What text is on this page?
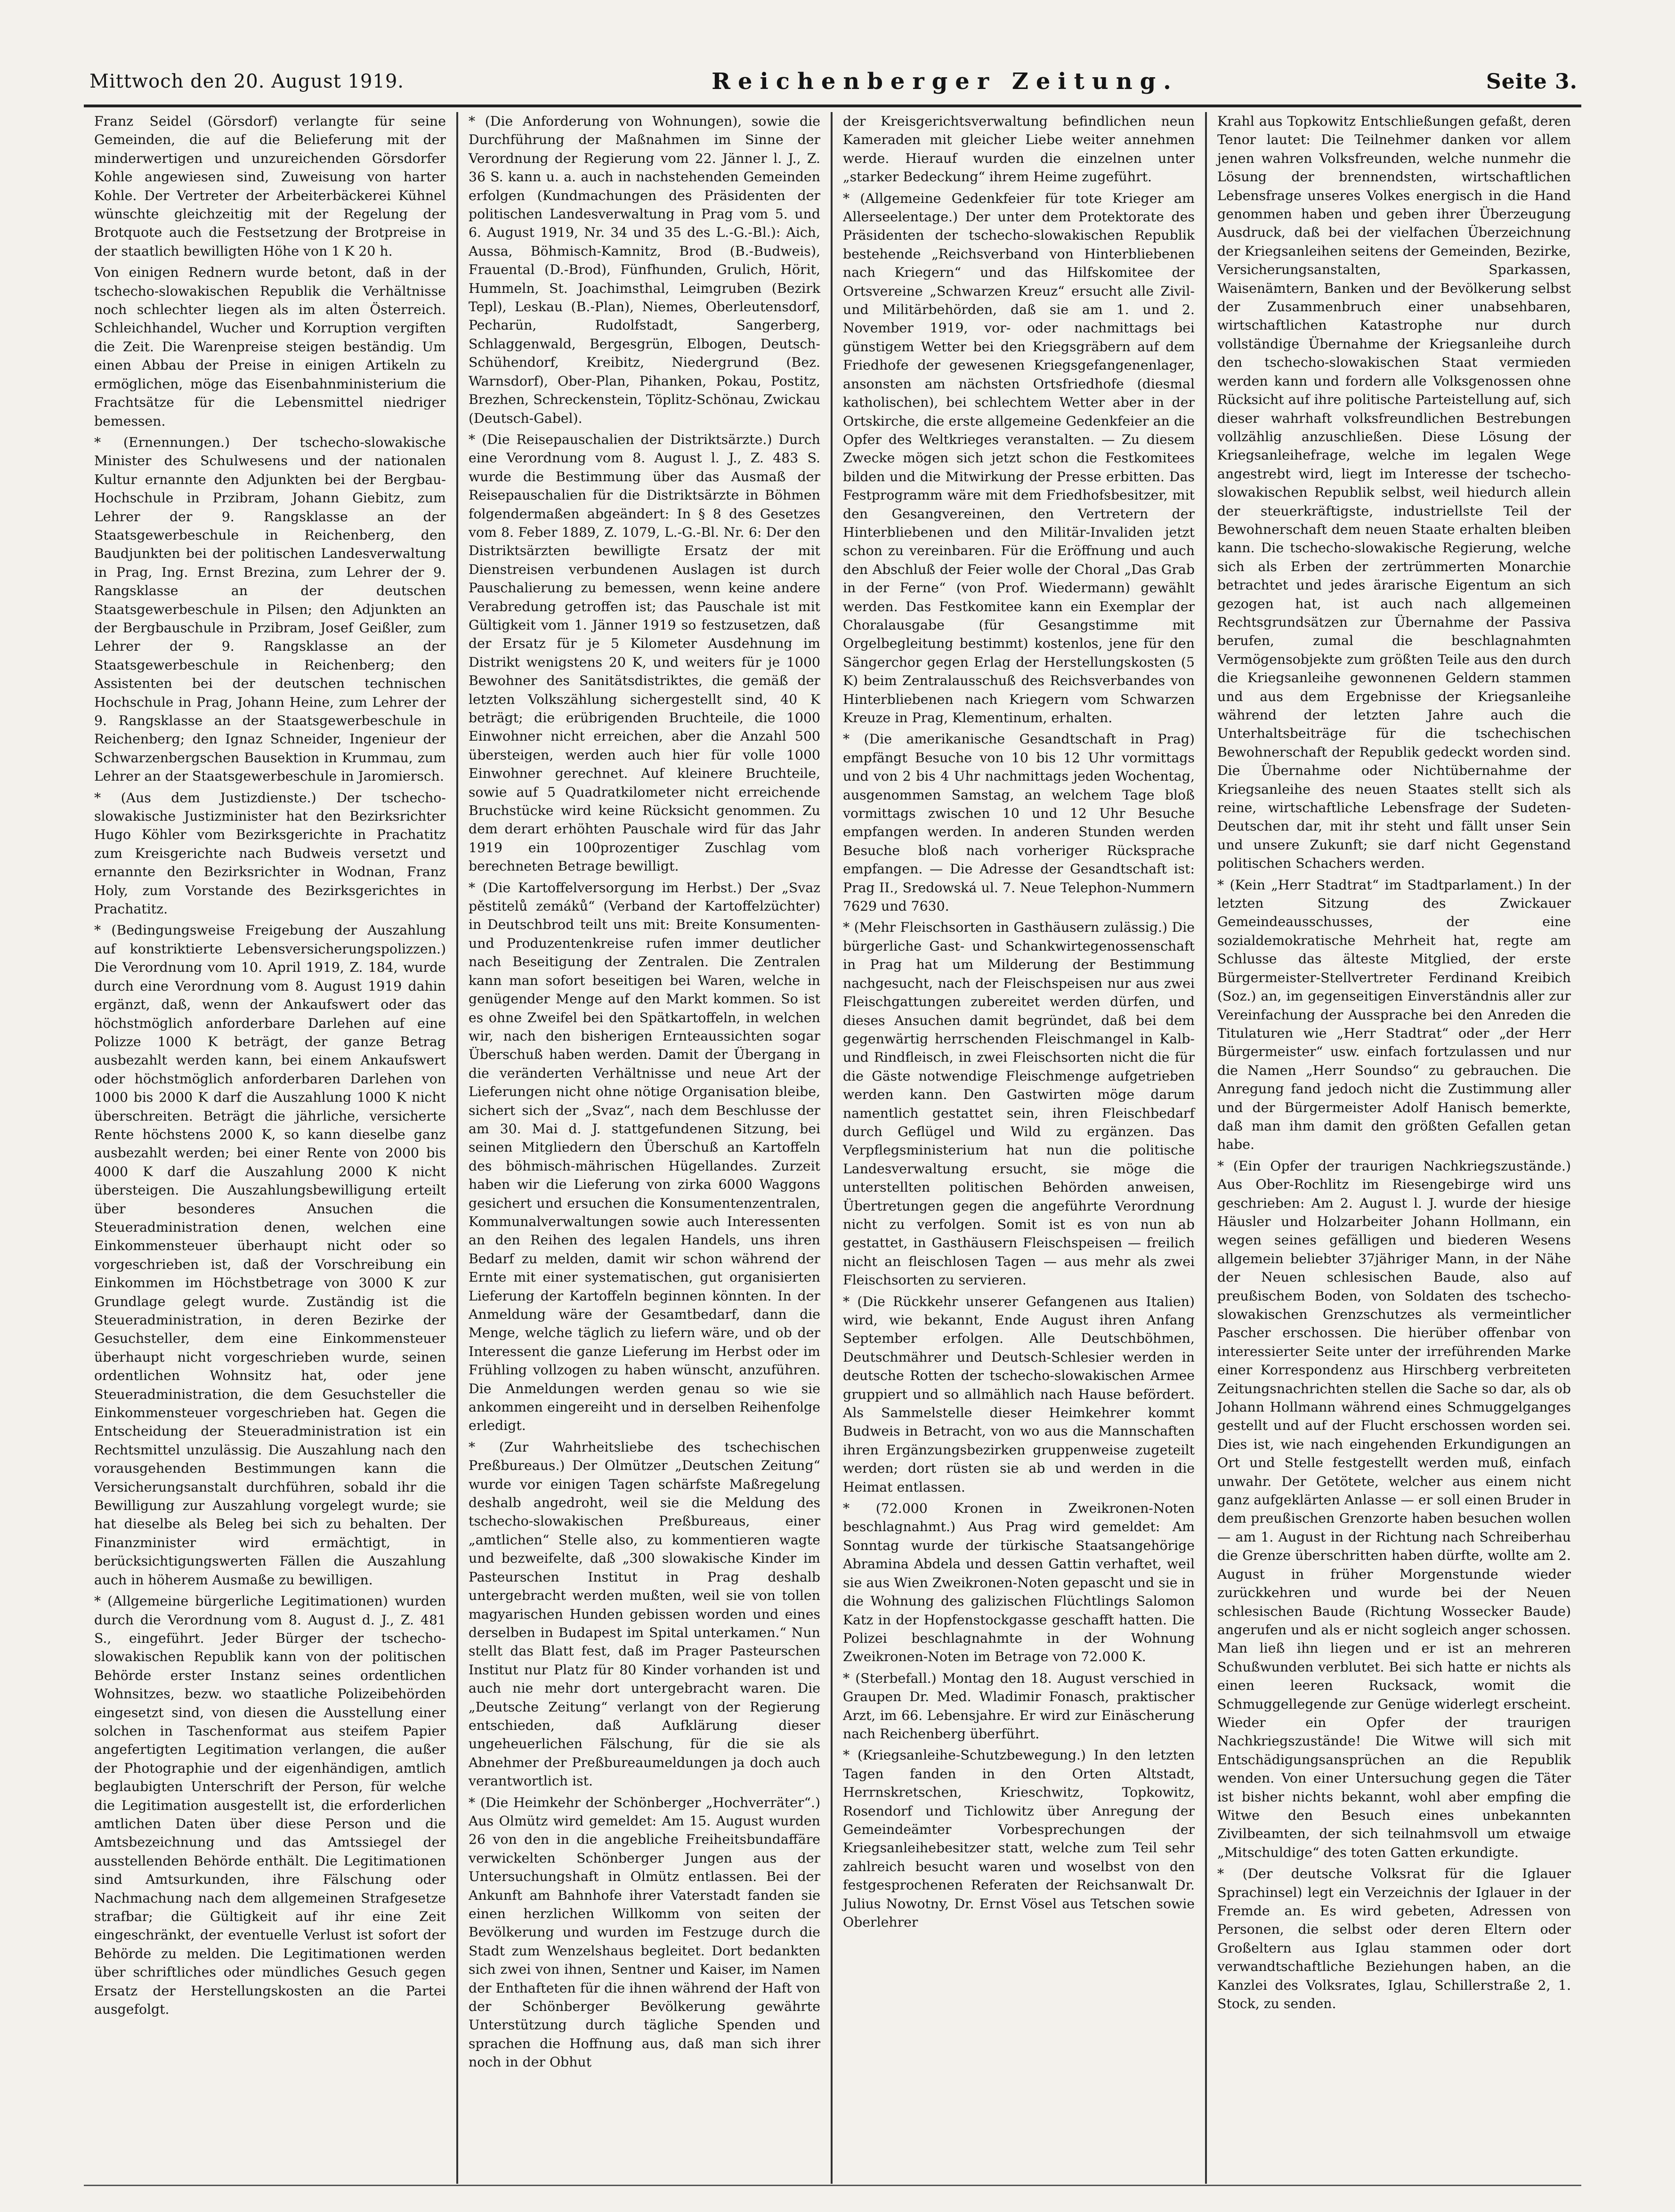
Mittwoch den 20. August 1919.	Reichenberger Zeitung.	Seite 3.

Franz Seidel (Görsdorf) verlangte für seine Gemeinden, die auf die Belieferung mit der minderwertigen und unzureichenden Görsdorfer Kohle angewiesen sind, Zuweisung von harter Kohle. Der Vertreter der Arbeiterbäckerei Kühnel wünschte gleichzeitig mit der Regelung der Brotquote auch die Festsetzung der Brotpreise in der staatlich bewilligten Höhe von 1 K 20 h.

Von einigen Rednern wurde betont, daß in der tschecho-slowakischen Republik die Verhältnisse noch schlechter liegen als im alten Österreich. Schleichhandel, Wucher und Korruption vergiften die Zeit. Die Warenpreise steigen beständig. Um einen Abbau der Preise in einigen Artikeln zu ermöglichen, möge das Eisenbahnministerium die Frachtsätze für die Lebensmittel niedriger bemessen.

* (Ernennungen.) Der tschecho-slowakische Minister des Schulwesens und der nationalen Kultur ernannte den Adjunkten bei der Bergbau-Hochschule in Przibram, Johann Giebitz, zum Lehrer der 9. Rangsklasse an der Staatsgewerbeschule in Reichenberg, den Baudjunkten bei der politischen Landesverwaltung in Prag, Ing. Ernst Brezina, zum Lehrer der 9. Rangsklasse an der deutschen Staatsgewerbeschule in Pilsen; den Adjunkten an der Bergbauschule in Przibram, Josef Geißler, zum Lehrer der 9. Rangsklasse an der Staatsgewerbeschule in Reichenberg; den Assistenten bei der deutschen technischen Hochschule in Prag, Johann Heine, zum Lehrer der 9. Rangsklasse an der Staatsgewerbeschule in Reichenberg; den Ignaz Schneider, Ingenieur der Schwarzenbergschen Bausektion in Krummau, zum Lehrer an der Staatsgewerbeschule in Jaromiersch.

* (Aus dem Justizdienste.) Der tschecho-slowakische Justizminister hat den Bezirksrichter Hugo Köhler vom Bezirksgerichte in Prachatitz zum Kreisgerichte nach Budweis versetzt und ernannte den Bezirksrichter in Wodnan, Franz Holy, zum Vorstande des Bezirksgerichtes in Prachatitz.

* (Bedingungsweise Freigebung der Auszahlung auf konstriktierte Lebensversicherungspolizzen.) Die Verordnung vom 10. April 1919, Z. 184, wurde durch eine Verordnung vom 8. August 1919 dahin ergänzt, daß, wenn der Ankaufswert oder das höchstmöglich anforderbare Darlehen auf eine Polizze 1000 K beträgt, der ganze Betrag ausbezahlt werden kann, bei einem Ankaufswert oder höchstmöglich anforderbaren Darlehen von 1000 bis 2000 K darf die Auszahlung 1000 K nicht überschreiten. Beträgt die jährliche, versicherte Rente höchstens 2000 K, so kann dieselbe ganz ausbezahlt werden; bei einer Rente von 2000 bis 4000 K darf die Auszahlung 2000 K nicht übersteigen. Die Auszahlungsbewilligung erteilt über besonderes Ansuchen die Steueradministration denen, welchen eine Einkommensteuer überhaupt nicht oder so vorgeschrieben ist, daß der Vorschreibung ein Einkommen im Höchstbetrage von 3000 K zur Grundlage gelegt wurde. Zuständig ist die Steueradministration, in deren Bezirke der Gesuchsteller, dem eine Einkommensteuer überhaupt nicht vorgeschrieben wurde, seinen ordentlichen Wohnsitz hat, oder jene Steueradministration, die dem Gesuchsteller die Einkommensteuer vorgeschrieben hat. Gegen die Entscheidung der Steueradministration ist ein Rechtsmittel unzulässig. Die Auszahlung nach den vorausgehenden Bestimmungen kann die Versicherungsanstalt durchführen, sobald ihr die Bewilligung zur Auszahlung vorgelegt wurde; sie hat dieselbe als Beleg bei sich zu behalten. Der Finanzminister wird ermächtigt, in berücksichtigungswerten Fällen die Auszahlung auch in höherem Ausmaße zu bewilligen.

* (Allgemeine bürgerliche Legitimationen) wurden durch die Verordnung vom 8. August d. J., Z. 481 S., eingeführt. Jeder Bürger der tschecho-slowakischen Republik kann von der politischen Behörde erster Instanz seines ordentlichen Wohnsitzes, bezw. wo staatliche Polizeibehörden eingesetzt sind, von diesen die Ausstellung einer solchen in Taschenformat aus steifem Papier angefertigten Legitimation verlangen, die außer der Photographie und der eigenhändigen, amtlich beglaubigten Unterschrift der Person, für welche die Legitimation ausgestellt ist, die erforderlichen amtlichen Daten über diese Person und die Amtsbezeichnung und das Amtssiegel der ausstellenden Behörde enthält. Die Legitimationen sind Amtsurkunden, ihre Fälschung oder Nachmachung nach dem allgemeinen Strafgesetze strafbar; die Gültigkeit auf ihr eine Zeit eingeschränkt, der eventuelle Verlust ist sofort der Behörde zu melden. Die Legitimationen werden über schriftliches oder mündliches Gesuch gegen Ersatz der Herstellungskosten an die Partei ausgefolgt.

* (Die Anforderung von Wohnungen), sowie die Durchführung der Maßnahmen im Sinne der Verordnung der Regierung vom 22. Jänner l. J., Z. 36 S. kann u. a. auch in nachstehenden Gemeinden erfolgen (Kundmachungen des Präsidenten der politischen Landesverwaltung in Prag vom 5. und 6. August 1919, Nr. 34 und 35 des L.-G.-Bl.): Aich, Aussa, Böhmisch-Kamnitz, Brod (B.-Budweis), Frauental (D.-Brod), Fünfhunden, Grulich, Hörit, Hummeln, St. Joachimsthal, Leimgruben (Bezirk Tepl), Leskau (B.-Plan), Niemes, Oberleutensdorf, Pecharün, Rudolfstadt, Sangerberg, Schlaggenwald, Bergesgrün, Elbogen, Deutsch-Schühendorf, Kreibitz, Niedergrund (Bez. Warnsdorf), Ober-Plan, Pihanken, Pokau, Postitz, Brezhen, Schreckenstein, Töplitz-Schönau, Zwickau (Deutsch-Gabel).

* (Die Reisepauschalien der Distriktsärzte.) Durch eine Verordnung vom 8. August l. J., Z. 483 S. wurde die Bestimmung über das Ausmaß der Reisepauschalien für die Distriktsärzte in Böhmen folgendermaßen abgeändert: In § 8 des Gesetzes vom 8. Feber 1889, Z. 1079, L.-G.-Bl. Nr. 6: Der den Distriktsärzten bewilligte Ersatz der mit Dienstreisen verbundenen Auslagen ist durch Pauschalierung zu bemessen, wenn keine andere Verabredung getroffen ist; das Pauschale ist mit Gültigkeit vom 1. Jänner 1919 so festzusetzen, daß der Ersatz für je 5 Kilometer Ausdehnung im Distrikt wenigstens 20 K, und weiters für je 1000 Bewohner des Sanitätsdistriktes, die gemäß der letzten Volkszählung sichergestellt sind, 40 K beträgt; die erübrigenden Bruchteile, die 1000 Einwohner nicht erreichen, aber die Anzahl 500 übersteigen, werden auch hier für volle 1000 Einwohner gerechnet. Auf kleinere Bruchteile, sowie auf 5 Quadratkilometer nicht erreichende Bruchstücke wird keine Rücksicht genommen. Zu dem derart erhöhten Pauschale wird für das Jahr 1919 ein 100prozentiger Zuschlag vom berechneten Betrage bewilligt.

* (Die Kartoffelversorgung im Herbst.) Der „Svaz pěstitelů zemáků“ (Verband der Kartoffelzüchter) in Deutschbrod teilt uns mit: Breite Konsumenten- und Produzentenkreise rufen immer deutlicher nach Beseitigung der Zentralen. Die Zentralen kann man sofort beseitigen bei Waren, welche in genügender Menge auf den Markt kommen. So ist es ohne Zweifel bei den Spätkartoffeln, in welchen wir, nach den bisherigen Ernteaussichten sogar Überschuß haben werden. Damit der Übergang in die veränderten Verhältnisse und neue Art der Lieferungen nicht ohne nötige Organisation bleibe, sichert sich der „Svaz“, nach dem Beschlusse der am 30. Mai d. J. stattgefundenen Sitzung, bei seinen Mitgliedern den Überschuß an Kartoffeln des böhmisch-mährischen Hügellandes. Zurzeit haben wir die Lieferung von zirka 6000 Waggons gesichert und ersuchen die Konsumentenzentralen, Kommunalverwaltungen sowie auch Interessenten an den Reihen des legalen Handels, uns ihren Bedarf zu melden, damit wir schon während der Ernte mit einer systematischen, gut organisierten Lieferung der Kartoffeln beginnen könnten. In der Anmeldung wäre der Gesamtbedarf, dann die Menge, welche täglich zu liefern wäre, und ob der Interessent die ganze Lieferung im Herbst oder im Frühling vollzogen zu haben wünscht, anzuführen. Die Anmeldungen werden genau so wie sie ankommen eingereiht und in derselben Reihenfolge erledigt.

* (Zur Wahrheitsliebe des tschechischen Preßbureaus.) Der Olmützer „Deutschen Zeitung“ wurde vor einigen Tagen schärfste Maßregelung deshalb angedroht, weil sie die Meldung des tschecho-slowakischen Preßbureaus, einer „amtlichen“ Stelle also, zu kommentieren wagte und bezweifelte, daß „300 slowakische Kinder im Pasteurschen Institut in Prag deshalb untergebracht werden mußten, weil sie von tollen magyarischen Hunden gebissen worden und eines derselben in Budapest im Spital unterkamen.“ Nun stellt das Blatt fest, daß im Prager Pasteurschen Institut nur Platz für 80 Kinder vorhanden ist und auch nie mehr dort untergebracht waren. Die „Deutsche Zeitung“ verlangt von der Regierung entschieden, daß Aufklärung dieser ungeheuerlichen Fälschung, für die sie als Abnehmer der Preßbureaumeldungen ja doch auch verantwortlich ist.

* (Die Heimkehr der Schönberger „Hochverräter“.) Aus Olmütz wird gemeldet: Am 15. August wurden 26 von den in die angebliche Freiheitsbundaffäre verwickelten Schönberger Jungen aus der Untersuchungshaft in Olmütz entlassen. Bei der Ankunft am Bahnhofe ihrer Vaterstadt fanden sie einen herzlichen Willkomm von seiten der Bevölkerung und wurden im Festzuge durch die Stadt zum Wenzelshaus begleitet. Dort bedankten sich zwei von ihnen, Sentner und Kaiser, im Namen der Enthafteten für die ihnen während der Haft von der Schönberger Bevölkerung gewährte Unterstützung durch tägliche Spenden und sprachen die Hoffnung aus, daß man sich ihrer noch in der Obhut

der Kreisgerichtsverwaltung befindlichen neun Kameraden mit gleicher Liebe weiter annehmen werde. Hierauf wurden die einzelnen unter „starker Bedeckung“ ihrem Heime zugeführt.

* (Allgemeine Gedenkfeier für tote Krieger am Allerseelentage.) Der unter dem Protektorate des Präsidenten der tschecho-slowakischen Republik bestehende „Reichsverband von Hinterbliebenen nach Kriegern“ und das Hilfskomitee der Ortsvereine „Schwarzen Kreuz“ ersucht alle Zivil- und Militärbehörden, daß sie am 1. und 2. November 1919, vor- oder nachmittags bei günstigem Wetter bei den Kriegsgräbern auf dem Friedhofe der gewesenen Kriegsgefangenenlager, ansonsten am nächsten Ortsfriedhofe (diesmal katholischen), bei schlechtem Wetter aber in der Ortskirche, die erste allgemeine Gedenkfeier an die Opfer des Weltkrieges veranstalten. — Zu diesem Zwecke mögen sich jetzt schon die Festkomitees bilden und die Mitwirkung der Presse erbitten. Das Festprogramm wäre mit dem Friedhofsbesitzer, mit den Gesangvereinen, den Vertretern der Hinterbliebenen und den Militär-Invaliden jetzt schon zu vereinbaren. Für die Eröffnung und auch den Abschluß der Feier wolle der Choral „Das Grab in der Ferne“ (von Prof. Wiedermann) gewählt werden. Das Festkomitee kann ein Exemplar der Choralausgabe (für Gesangstimme mit Orgelbegleitung bestimmt) kostenlos, jene für den Sängerchor gegen Erlag der Herstellungskosten (5 K) beim Zentralausschuß des Reichsverbandes von Hinterbliebenen nach Kriegern vom Schwarzen Kreuze in Prag, Klementinum, erhalten.

* (Die amerikanische Gesandtschaft in Prag) empfängt Besuche von 10 bis 12 Uhr vormittags und von 2 bis 4 Uhr nachmittags jeden Wochentag, ausgenommen Samstag, an welchem Tage bloß vormittags zwischen 10 und 12 Uhr Besuche empfangen werden. In anderen Stunden werden Besuche bloß nach vorheriger Rücksprache empfangen. — Die Adresse der Gesandtschaft ist: Prag II., Sredowská ul. 7. Neue Telephon-Nummern 7629 und 7630.

* (Mehr Fleischsorten in Gasthäusern zulässig.) Die bürgerliche Gast- und Schankwirtegenossenschaft in Prag hat um Milderung der Bestimmung nachgesucht, nach der Fleischspeisen nur aus zwei Fleischgattungen zubereitet werden dürfen, und dieses Ansuchen damit begründet, daß bei dem gegenwärtig herrschenden Fleischmangel in Kalb- und Rindfleisch, in zwei Fleischsorten nicht die für die Gäste notwendige Fleischmenge aufgetrieben werden kann. Den Gastwirten möge darum namentlich gestattet sein, ihren Fleischbedarf durch Geflügel und Wild zu ergänzen. Das Verpflegsministerium hat nun die politische Landesverwaltung ersucht, sie möge die unterstellten politischen Behörden anweisen, Übertretungen gegen die angeführte Verordnung nicht zu verfolgen. Somit ist es von nun ab gestattet, in Gasthäusern Fleischspeisen — freilich nicht an fleischlosen Tagen — aus mehr als zwei Fleischsorten zu servieren.

* (Die Rückkehr unserer Gefangenen aus Italien) wird, wie bekannt, Ende August ihren Anfang September erfolgen. Alle Deutschböhmen, Deutschmährer und Deutsch-Schlesier werden in deutsche Rotten der tschecho-slowakischen Armee gruppiert und so allmählich nach Hause befördert. Als Sammelstelle dieser Heimkehrer kommt Budweis in Betracht, von wo aus die Mannschaften ihren Ergänzungsbezirken gruppenweise zugeteilt werden; dort rüsten sie ab und werden in die Heimat entlassen.

* (72.000 Kronen in Zweikronen-Noten beschlagnahmt.) Aus Prag wird gemeldet: Am Sonntag wurde der türkische Staatsangehörige Abramina Abdela und dessen Gattin verhaftet, weil sie aus Wien Zweikronen-Noten gepascht und sie in die Wohnung des galizischen Flüchtlings Salomon Katz in der Hopfenstockgasse geschafft hatten. Die Polizei beschlagnahmte in der Wohnung Zweikronen-Noten im Betrage von 72.000 K.

* (Sterbefall.) Montag den 18. August verschied in Graupen Dr. Med. Wladimir Fonasch, praktischer Arzt, im 66. Lebensjahre. Er wird zur Einäscherung nach Reichenberg überführt.

* (Kriegsanleihe-Schutzbewegung.) In den letzten Tagen fanden in den Orten Altstadt, Herrnskretschen, Krieschwitz, Topkowitz, Rosendorf und Tichlowitz über Anregung der Gemeindeämter Vorbesprechungen der Kriegsanleihebesitzer statt, welche zum Teil sehr zahlreich besucht waren und woselbst von den festgesprochenen Referaten der Reichsanwalt Dr. Julius Nowotny, Dr. Ernst Vösel aus Tetschen sowie Oberlehrer

Krahl aus Topkowitz Entschließungen gefaßt, deren Tenor lautet: Die Teilnehmer danken vor allem jenen wahren Volksfreunden, welche nunmehr die Lösung der brennendsten, wirtschaftlichen Lebensfrage unseres Volkes energisch in die Hand genommen haben und geben ihrer Überzeugung Ausdruck, daß bei der vielfachen Überzeichnung der Kriegsanleihen seitens der Gemeinden, Bezirke, Versicherungsanstalten, Sparkassen, Waisenämtern, Banken und der Bevölkerung selbst der Zusammenbruch einer unabsehbaren, wirtschaftlichen Katastrophe nur durch vollständige Übernahme der Kriegsanleihe durch den tschecho-slowakischen Staat vermieden werden kann und fordern alle Volksgenossen ohne Rücksicht auf ihre politische Parteistellung auf, sich dieser wahrhaft volksfreundlichen Bestrebungen vollzählig anzuschließen. Diese Lösung der Kriegsanleihefrage, welche im legalen Wege angestrebt wird, liegt im Interesse der tschecho-slowakischen Republik selbst, weil hiedurch allein der steuerkräftigste, industriellste Teil der Bewohnerschaft dem neuen Staate erhalten bleiben kann. Die tschecho-slowakische Regierung, welche sich als Erben der zertrümmerten Monarchie betrachtet und jedes ärarische Eigentum an sich gezogen hat, ist auch nach allgemeinen Rechtsgrundsätzen zur Übernahme der Passiva berufen, zumal die beschlagnahmten Vermögensobjekte zum größten Teile aus den durch die Kriegsanleihe gewonnenen Geldern stammen und aus dem Ergebnisse der Kriegsanleihe während der letzten Jahre auch die Unterhaltsbeiträge für die tschechischen Bewohnerschaft der Republik gedeckt worden sind. Die Übernahme oder Nichtübernahme der Kriegsanleihe des neuen Staates stellt sich als reine, wirtschaftliche Lebensfrage der Sudeten-Deutschen dar, mit ihr steht und fällt unser Sein und unsere Zukunft; sie darf nicht Gegenstand politischen Schachers werden.

* (Kein „Herr Stadtrat“ im Stadtparlament.) In der letzten Sitzung des Zwickauer Gemeindeausschusses, der eine sozialdemokratische Mehrheit hat, regte am Schlusse das älteste Mitglied, der erste Bürgermeister-Stellvertreter Ferdinand Kreibich (Soz.) an, im gegenseitigen Einverständnis aller zur Vereinfachung der Aussprache bei den Anreden die Titulaturen wie „Herr Stadtrat“ oder „der Herr Bürgermeister“ usw. einfach fortzulassen und nur die Namen „Herr Soundso“ zu gebrauchen. Die Anregung fand jedoch nicht die Zustimmung aller und der Bürgermeister Adolf Hanisch bemerkte, daß man ihm damit den größten Gefallen getan habe.

* (Ein Opfer der traurigen Nachkriegszustände.) Aus Ober-Rochlitz im Riesengebirge wird uns geschrieben: Am 2. August l. J. wurde der hiesige Häusler und Holzarbeiter Johann Hollmann, ein wegen seines gefälligen und biederen Wesens allgemein beliebter 37jähriger Mann, in der Nähe der Neuen schlesischen Baude, also auf preußischem Boden, von Soldaten des tschecho-slowakischen Grenzschutzes als vermeintlicher Pascher erschossen. Die hierüber offenbar von interessierter Seite unter der irreführenden Marke einer Korrespondenz aus Hirschberg verbreiteten Zeitungsnachrichten stellen die Sache so dar, als ob Johann Hollmann während eines Schmuggelganges gestellt und auf der Flucht erschossen worden sei. Dies ist, wie nach eingehenden Erkundigungen an Ort und Stelle festgestellt werden muß, einfach unwahr. Der Getötete, welcher aus einem nicht ganz aufgeklärten Anlasse — er soll einen Bruder in dem preußischen Grenzorte haben besuchen wollen — am 1. August in der Richtung nach Schreiberhau die Grenze überschritten haben dürfte, wollte am 2. August in früher Morgenstunde wieder zurückkehren und wurde bei der Neuen schlesischen Baude (Richtung Wossecker Baude) angerufen und als er nicht sogleich anger schossen. Man ließ ihn liegen und er ist an mehreren Schußwunden verblutet. Bei sich hatte er nichts als einen leeren Rucksack, womit die Schmuggellegende zur Genüge widerlegt erscheint. Wieder ein Opfer der traurigen Nachkriegszustände! Die Witwe will sich mit Entschädigungsansprüchen an die Republik wenden. Von einer Untersuchung gegen die Täter ist bisher nichts bekannt, wohl aber empfing die Witwe den Besuch eines unbekannten Zivilbeamten, der sich teilnahmsvoll um etwaige „Mitschuldige“ des toten Gatten erkundigte.

* (Der deutsche Volksrat für die Iglauer Sprachinsel) legt ein Verzeichnis der Iglauer in der Fremde an. Es wird gebeten, Adressen von Personen, die selbst oder deren Eltern oder Großeltern aus Iglau stammen oder dort verwandtschaftliche Beziehungen haben, an die Kanzlei des Volksrates, Iglau, Schillerstraße 2, 1. Stock, zu senden.
